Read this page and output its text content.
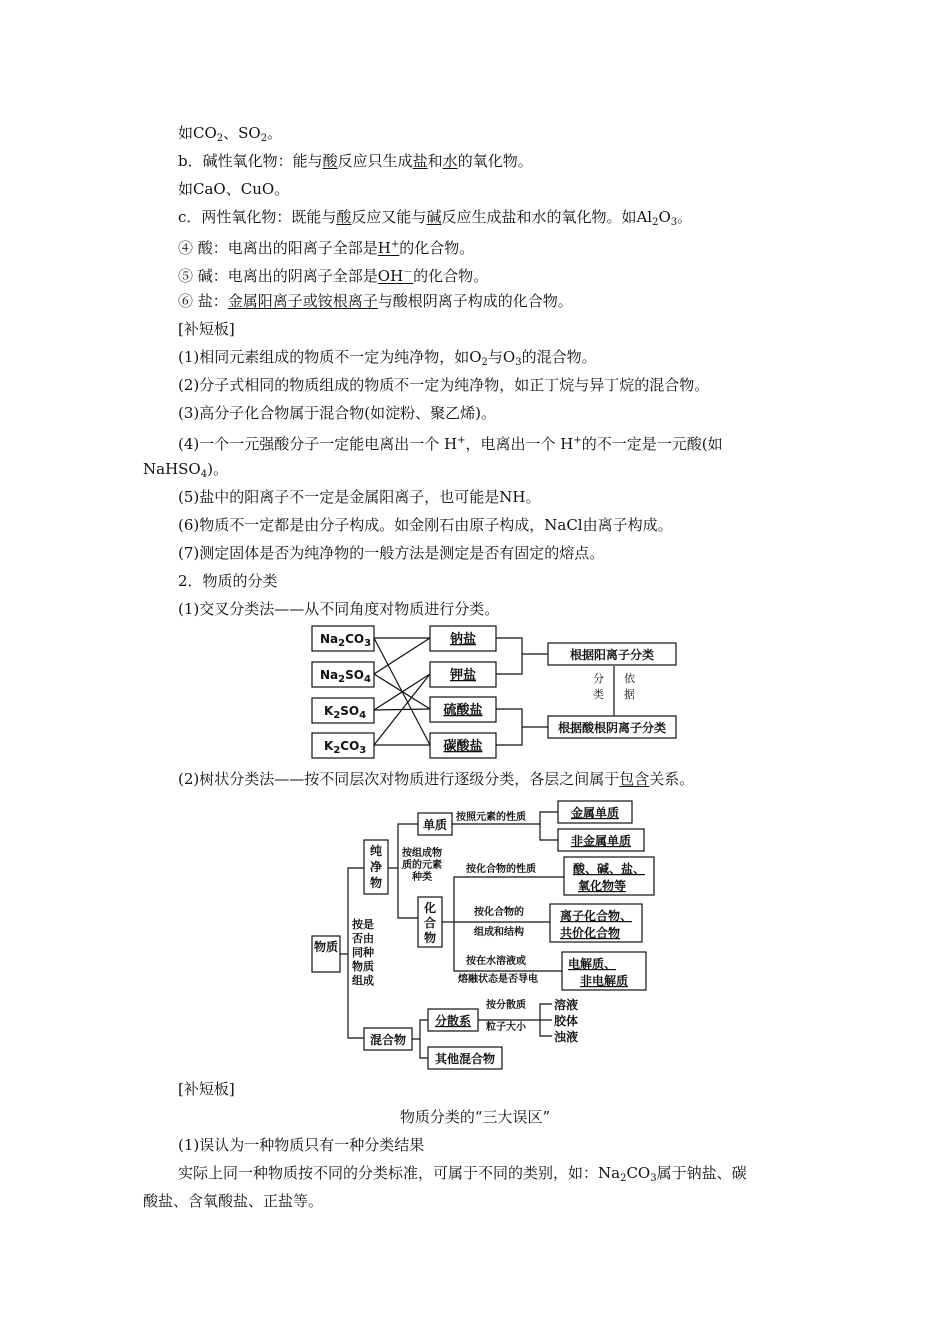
如$CO_2$、$SO_2$。
b．碱性氧化物：能与酸反应只生成盐和水的氧化物。
如CaO、CuO。
c．两性氧化物：既能与酸反应又能与碱反应生成盐和水的氧化物。如$Al_2O_3$。
④ 酸：电离出的阳离子全部是H+的化合物。
⑤ 碱：电离出的阴离子全部是OH－的化合物。
⑥ 盐：金属阳离子或铵根离子与酸根阴离子构成的化合物。
[补短板]
(1)相同元素组成的物质不一定为纯净物，如$O_2$与$O_3$的混合物。
(2)分子式相同的物质组成的物质不一定为纯净物，如正丁烷与异丁烷的混合物。
(3)高分子化合物属于混合物(如淀粉、聚乙烯)。
(4)一个一元强酸分子一定能电离出一个 H+，电离出一个 H+的不一定是一元酸(如
NaHSO$_4$)。
(5)盐中的阳离子不一定是金属阳离子，也可能是NH。
(6)物质不一定都是由分子构成。如金刚石由原子构成，NaCl由离子构成。
(7)测定固体是否为纯净物的一般方法是测定是否有固定的熔点。
2．物质的分类
(1)交叉分类法——从不同角度对物质进行分类。
$Na_2CO_3$
$Na_2SO_4$
$K_2SO_4$
$K_2CO_3$
钠盐
钾盐
硫酸盐
碳酸盐
根据阳离子分类
根据酸根阴离子分类
分
类
依
据
(2)树状分类法——按不同层次对物质进行逐级分类，各层之间属于包含关系。
物质
按是
否由
同种
物质
组成
纯
净
物
按组成物
质的元素
种类
单质
按照元素的性质	金属单质
非金属单质
化
合
物
按化合物的性质	酸、碱、盐、
氧化物等
按化合物的
组成和结构
离子化合物、
共价化合物
按在水溶液或
熔融状态是否导电
电解质、
非电解质
混合物
分散系
按分散质
粒子大小
溶液
胶体
浊液
其他混合物
[补短板]
物质分类的“三大误区”
(1)误认为一种物质只有一种分类结果
实际上同一种物质按不同的分类标准，可属于不同的类别，如：$Na_2CO_3$属于钠盐、碳
酸盐、含氧酸盐、正盐等。
